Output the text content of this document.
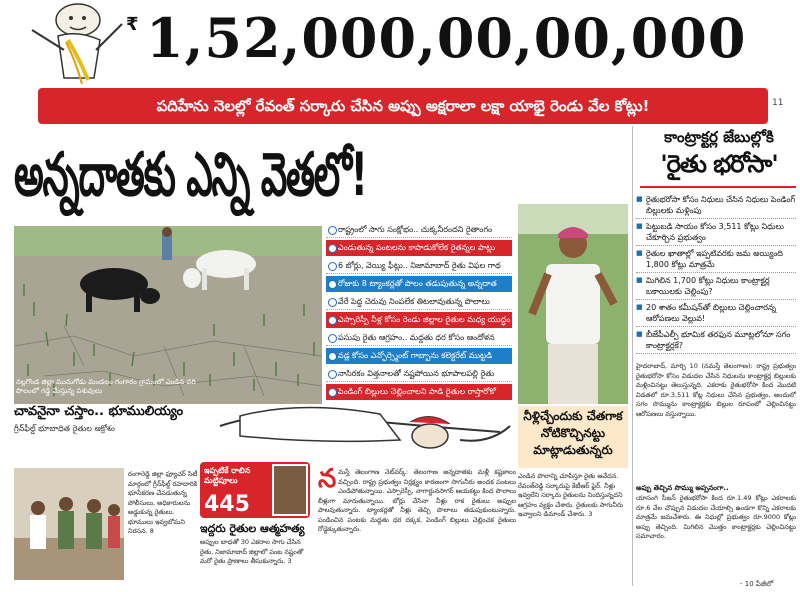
₹ 1,52,000,00,00,000
పదిహేను నెలల్లో రేవంత్ సర్కారు చేసిన అప్పు అక్షరాలా లక్షా యాభై రెండు వేల కోట్లు!	11
అన్నదాతకు ఎన్ని వెతలో!
నల్లగొండ జిల్లా మునుగోడు మండలం గంగారం గ్రామంలో ఎండిన వరి పొలంలో గడ్డి మేస్తున్న పశువులు
రాష్ట్రంలో సాగు సంక్షోభం.. చుక్కనీరందని రైతాంగం
ఎండుతున్న పంటలను కాపాడుకోలేక రైతన్నల పాట్లు
6 బోర్లు, వెయ్యి ఫీట్లు.. నిజామాబాద్ రైతు విఫల గాథ
రోజుకు 8 ట్యాంకర్లతో పొలం తడుపుతున్న అన్నదాత
వేరే పెద్ద చెరువు నింపలేక తిటలావుతున్న పొలాలు
ఎస్సారెస్పీ నీళ్ల కోసం రెండు జిల్లాల రైతుల మధ్య యుద్ధం
పసుపు రైతు ఆగ్రహం.. మద్దతు ధర కోసం ఆందోళన
వడ్ల కోసం ఎన్ఫోర్స్మెంట్ గాబ్బాను కలెక్టరేట్ ముట్టడి
నాసిరకం విత్తనాలతో నష్టపోయిన భూపాలపల్లి రైతు
పెండింగ్ బిల్లులు చెల్లించాలని పాడి రైతుల రాస్తారోకో
నీళ్లిచ్చేందుకు చేతగాక నోటికొచ్చినట్టు మాట్లాడుతున్నరు
ఎండిన పొలాన్ని చూపిస్తూ రైతు ఆవేదన. రేవంత్‌రెడ్డి సర్కారుపై కేటీఆర్ ఫైర్. నీళ్లు ఇవ్వలేని సర్కారు రైతులను నిందిస్తున్నదని ఆగ్రహం వ్యక్తం చేశారు. రైతులకు సాగునీరు ఇవ్వాలని డిమాండ్ చేశారు. 3
కాంట్రాక్టర్ల జేబుల్లోకి
'రైతు భరోసా'
■ రైతుభరోసా కోసం నిధులు చేసిన నిధులు పెండింగ్ బిల్లులకు మళ్లింపు
■ పెట్టుబడి సాయం కోసం 3,511 కోట్లు నిధులు చేకూర్చిన ప్రభుత్వం
■ రైతుల ఖాతాల్లో ఇప్పటివరకు జమ అయ్యింది 1,800 కోట్లు మాత్రమే
■ మిగిలిన 1,700 కోట్లు నిధులు కాంట్రాక్టర్ల బకాయిలకు చెల్లింపు?
■ 20 శాతం కమీషన్‌తో బిల్లులు చెల్లించారన్న ఆరోపణలు వెల్లువ!
■ బీజేపీఎల్పీ భూమిక తరఫున మూట్లలోనూ సగం కాంట్రాక్టర్లకే?
హైదరాబాద్, మార్చి 10 (నమస్తే తెలంగాణ): రాష్ట్ర ప్రభుత్వం రైతుభరోసా కోసం విడుదల చేసిన నిధులను కాంట్రాక్టర్ల బిల్లులకు మళ్లించినట్టు తెలుస్తున్నది. ఎకరాకు రైతుభరోసా కింద మొదటి విడతలో రూ.3,511 కోట్ల నిధులు చేసిన ప్రభుత్వం, అందులో సగం సొమ్మును కాంట్రాక్టర్లకు బిల్లుల రూపంలో చెల్లించినట్టు ఆరోపణలు వస్తున్నాయి.
అప్పు తెచ్చిన సొమ్ము అప్పనంగా..
యాసంగి సీజన్ రైతుభరోసా కింద రూ.1.49 కోట్లు ఎకరాలకు రూ.6 వేల చొప్పున విడుదల చేయాల్సి ఉండగా కొన్ని ఎకరాలకు మాత్రమే జమచేశారు. ఈ నిధుల్లో ప్రభుత్వం రూ.9000 కోట్లు అప్పు తెచ్చింది. మిగిలిన మొత్తం కాంట్రాక్టర్లకు చెల్లించినట్టు సమాచారం.
- 10 పేజీలో
చావనైనా చస్తాం.. భూములియ్యం
గ్రీన్‌ఫీల్డ్ భూబాధిత రైతుల ఆక్రోశం
రంగారెడ్డి జిల్లా ఫ్యూచర్ సిటీ మార్గంలో గ్రీన్‌ఫీల్డ్ రహదారికి భూసేకరణ చేపడుతున్న పోలీసులు, అధికారులను అడ్డుకున్న రైతులు. భూములు ఇవ్వబోమని నిరసన. 8
ఇప్పటికే రాలిన మట్టిపూలు
445
ఇద్దరు రైతుల ఆత్మహత్య
అప్పుల బాధతో 30 ఎకరాల సాగు చేసిన రైతు, నిజామాబాద్ జిల్లాలో పంట నష్టంతో మరో రైతు ప్రాణాలు తీసుకున్నారు. 3
న మస్తే తెలంగాణ నెట్‌వర్క్: తెలంగాణ అన్నదాతకు మళ్లీ కష్టకాలం వచ్చింది. రాష్ట్ర ప్రభుత్వం నిర్లక్ష్యం కారణంగా సాగునీరు అందక పంటలు ఎండిపోతున్నాయి. ఎస్సారెస్పీ, నాగార్జునసాగర్ ఆయకట్టు కింద పొలాలు బీళ్లుగా మారుతున్నాయి. బోర్లు వేసినా నీళ్లు రాక రైతులు అప్పుల పాలవుతున్నారు. ట్యాంకర్లతో నీళ్లు తెచ్చి పొలాలు తడుపుకుంటున్నారు. పండించిన పంటకు మద్దతు ధర దక్కక, పెండింగ్ బిల్లులు చెల్లించక రైతులు రోడ్డెక్కుతున్నారు.
